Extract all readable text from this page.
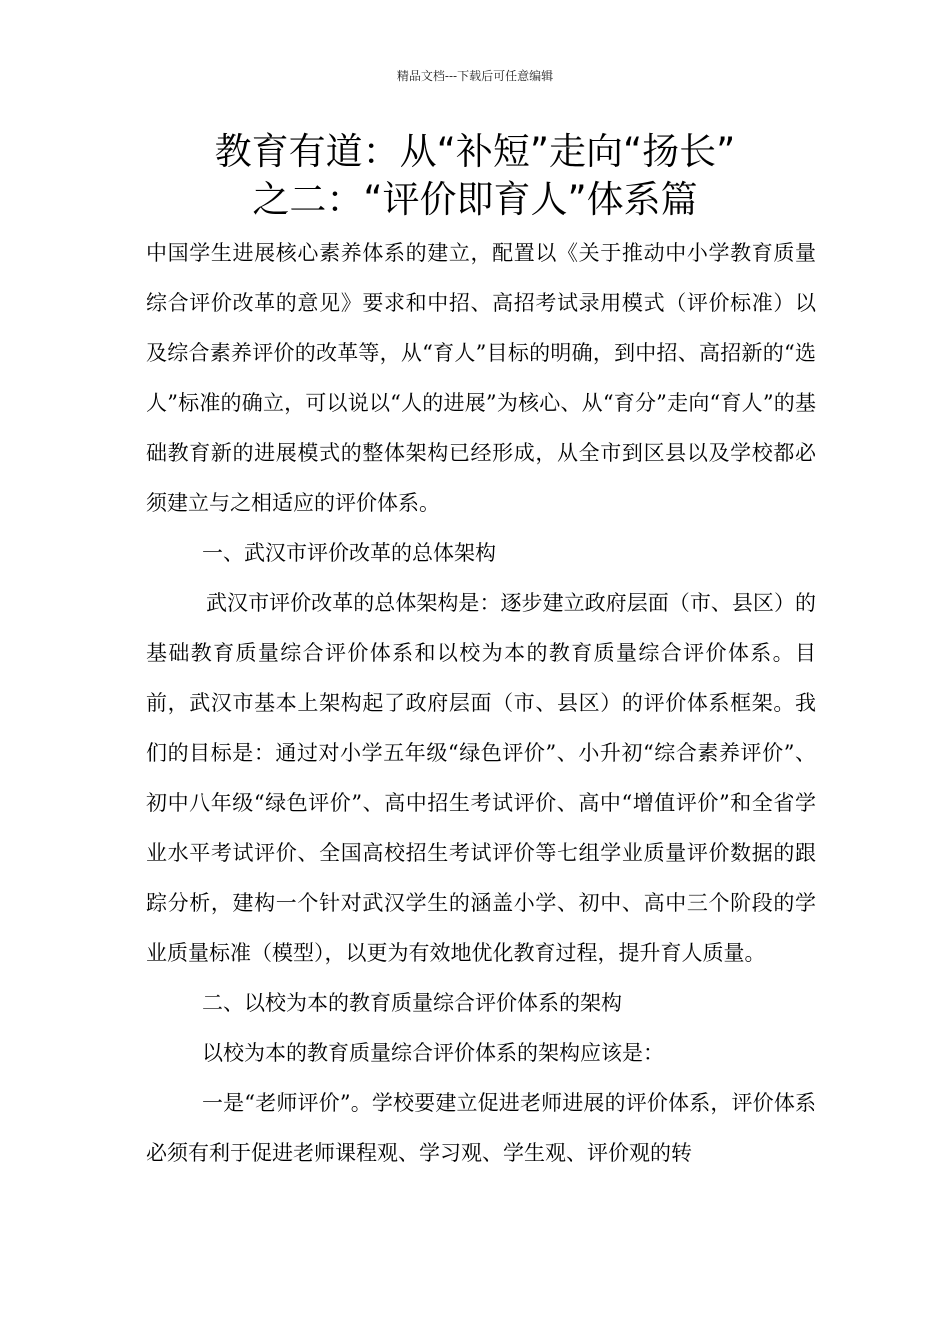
精品文档---下载后可任意编辑
教育有道：从“补短”走向“扬长”
之二：“评价即育人”体系篇

中国学生进展核心素养体系的建立，配置以《关于推动中小学教育质量综合评价改革的意见》要求和中招、高招考试录用模式（评价标准）以及综合素养评价的改革等，从“育人”目标的明确，到中招、高招新的“选人”标准的确立，可以说以“人的进展”为核心、从“育分”走向“育人”的基础教育新的进展模式的整体架构已经形成，从全市到区县以及学校都必须建立与之相适应的评价体系。

一、武汉市评价改革的总体架构

武汉市评价改革的总体架构是：逐步建立政府层面（市、县区）的基础教育质量综合评价体系和以校为本的教育质量综合评价体系。目前，武汉市基本上架构起了政府层面（市、县区）的评价体系框架。我们的目标是：通过对小学五年级“绿色评价”、小升初“综合素养评价”、初中八年级“绿色评价”、高中招生考试评价、高中“增值评价”和全省学业水平考试评价、全国高校招生考试评价等七组学业质量评价数据的跟踪分析，建构一个针对武汉学生的涵盖小学、初中、高中三个阶段的学业质量标准（模型），以更为有效地优化教育过程，提升育人质量。

二、以校为本的教育质量综合评价体系的架构

以校为本的教育质量综合评价体系的架构应该是：

一是“老师评价”。学校要建立促进老师进展的评价体系，评价体系必须有利于促进老师课程观、学习观、学生观、评价观的转
